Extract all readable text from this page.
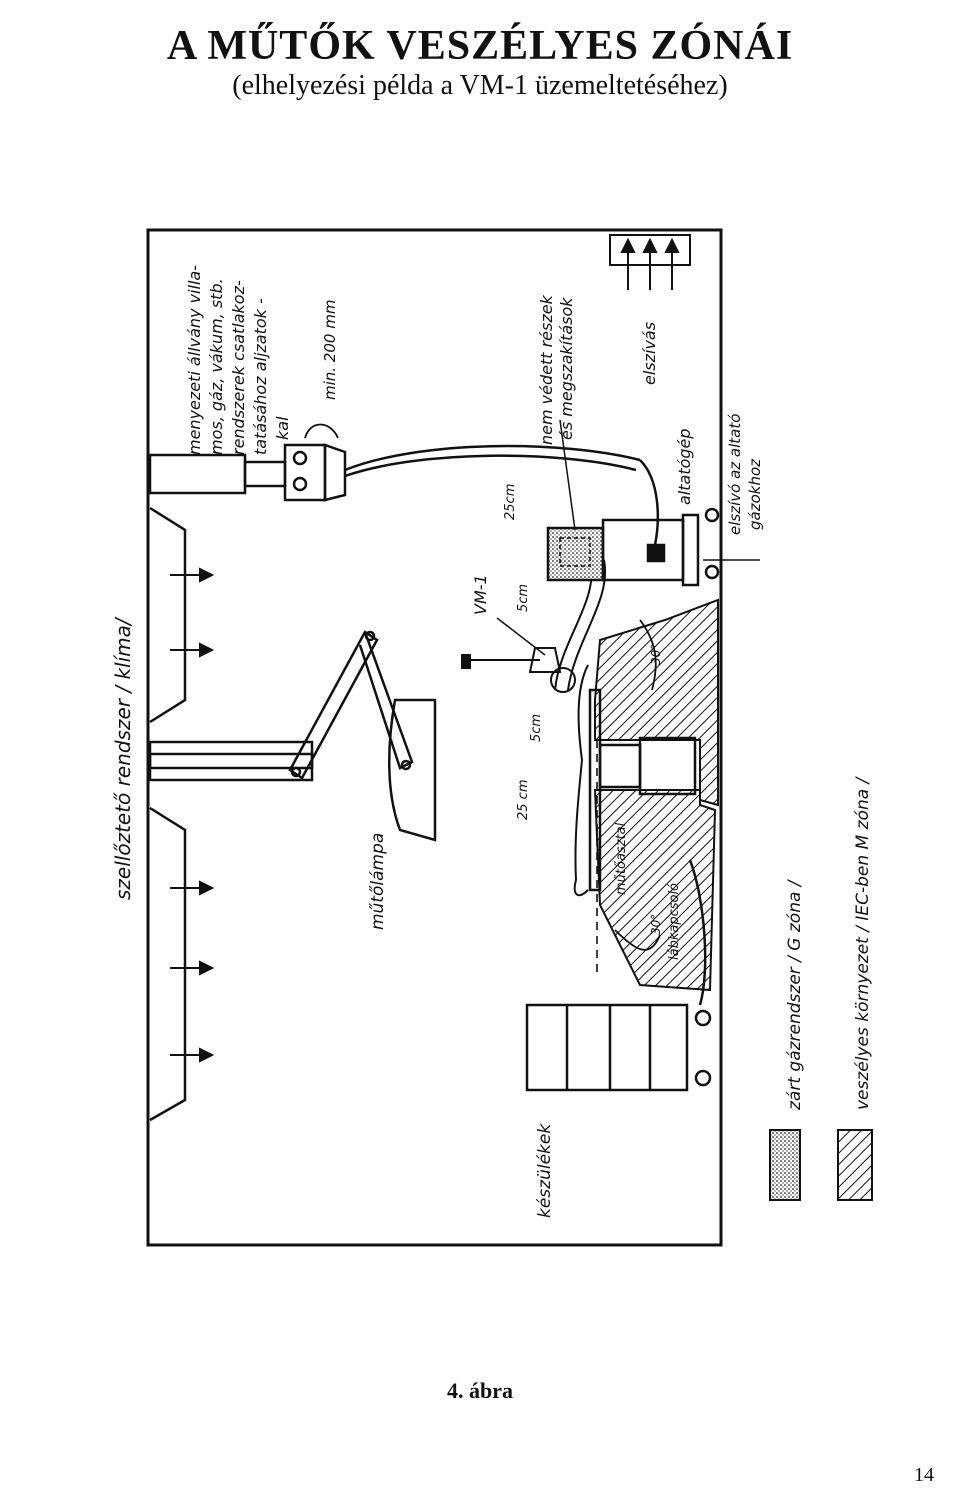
A MŰTŐK VESZÉLYES ZÓNÁI
(elhelyezési példa a VM-1 üzemeltetéséhez)
szellőztető rendszer / klíma/
menyezeti állvány villa- mos, gáz, vákum, stb. rendszerek csatlakoz- tatásához aljzatok - kal
min. 200 mm	nem védett részek és megszakítások	elszívás
altatógép elszívó az altató gázokhoz
VM-1
25cm
5cm
5cm
25 cm
30°
30°
műtőlámpa	műtőasztal
lábkapcsoló
készülékek
zárt gázrendszer / G zóna /	veszélyes környezet / IEC-ben M zóna /
4. ábra
14
